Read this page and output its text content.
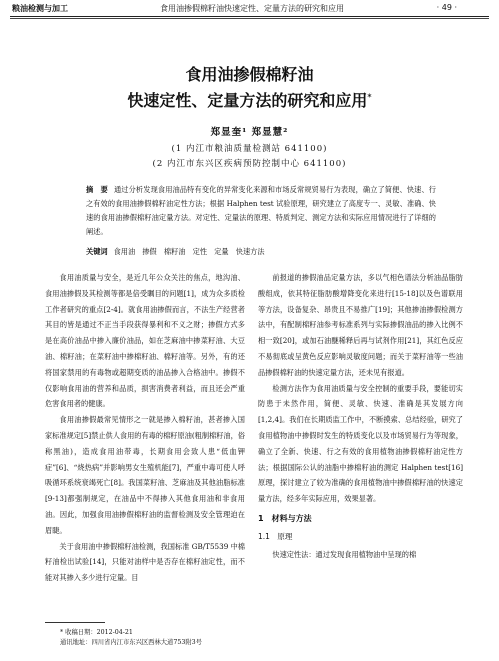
粮油检测与加工	食用油掺假棉籽油快速定性、定量方法的研究和应用	· 49 ·
食用油掺假棉籽油
快速定性、定量方法的研究和应用*
郑显奎¹ 郑显慧²
(1 内江市粮油质量检测站 641100)
(2 内江市东兴区疾病预防控制中心 641100)
摘　要 通过分析发现食用油品特有变化的异常变化来源和市场反常规贸易行为表现，确立了简便、快速、行之有效的食用油掺假棉籽油定性方法；根据 Halphen test 试验原理，研究建立了高度专一、灵敏、准确、快速的食用油掺假棉籽油定量方法。对定性、定量法的原理、特质判定、测定方法和实际应用情况进行了详细的阐述。
关键词 食用油　掺假　棉籽油　定性　定量　快速方法

食用油质量与安全，是近几年公众关注的焦点，地沟油、食用油掺假及其检测等都是倍受瞩目的问题[1]，成为众多质检工作者研究的重点[2-4]。就食用油掺假而言，不法生产经营者其目的皆是通过不正当手段获得暴利和不义之财；掺假方式多是在高价油品中掺入廉价油品，如在芝麻油中掺菜籽油、大豆油、棉籽油；在菜籽油中掺棉籽油、棉籽油等。另外，有的还将国家禁用的有毒物或超期变质的油品掺入合格油中。掺假不仅影响食用油的营养和品质，损害消费者利益，而且还会严重危害食用者的健康。

食用油掺假最常见情形之一就是掺入棉籽油，甚者掺入国家标准规定[5]禁止供人食用的有毒的棉籽原油(粗制棉籽油，俗称黑油)，造成食用油带毒，长期食用会致人患“低血钾症”[6]、“烧热病”并影响男女生殖机能[7]，严重中毒可使人呼吸循环系统衰竭死亡[8]。我国菜籽油、芝麻油及其他油脂标准[9-13]都强制规定，在油品中不得掺入其他食用油和非食用油。因此，加强食用油掺假棉籽油的监督检测及安全管理迫在眉睫。

关于食用油中掺假棉籽油检测，我国标准 GB/T5539 中棉籽油检出试验[14]，只能对油样中是否存在棉籽油定性，而不能对其掺入多少进行定量。目

前报道的掺假油品定量方法，多以气相色谱法分析油品脂肪酸组成，依其特征脂肪酸增降变化来进行[15-18]以及色谱联用等方法，设备复杂、昂贵且不易推广[19]；其他掺油掺假检测方法中，有配制棉籽油参考标准系列与实际掺假油品的掺入比例不相一致[20]，或加石油醚稀释后再与试剂作用[21]，其红色反应不易彻底或呈黄色反应影响灵敏度问题；而关于菜籽油等一些油品掺假棉籽油的快速定量方法，还未见有报道。

检测方法作为食用油质量与安全控制的重要手段，要能切实防患于未然作用，简便、灵敏、快速、准确是其发展方向[1,2,4]。我们在长期质监工作中，不断摸索、总结经验，研究了食用植物油中掺假时发生的特质变化以及市场贸易行为等现象，确立了全新、快速、行之有效的食用植物油掺假棉籽油定性方法；根据国际公认的油脂中掺棉籽油的测定 Halphen test[16]原理，探讨建立了较为准确的食用植物油中掺假棉籽油的快速定量方法，经多年实际应用，效果显著。

1　材料与方法
1.1　原理

快速定性法：通过发现食用植物油中呈现的棉

* 收稿日期：2012-04-21
通讯地址：四川省内江市东兴区西林大道753附3号
